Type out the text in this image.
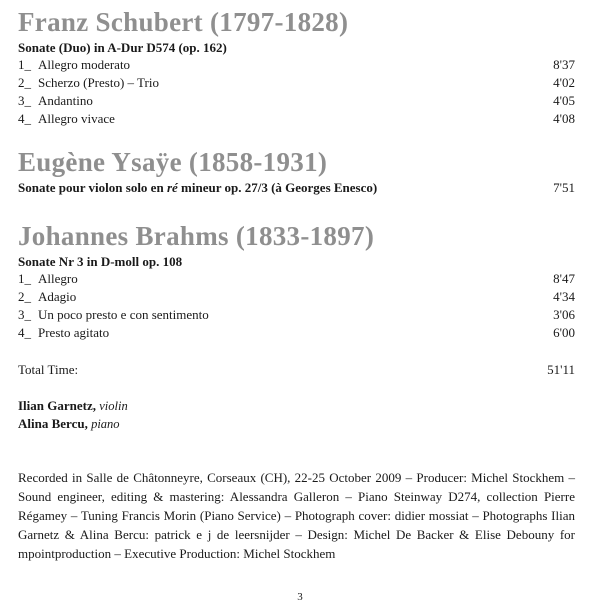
Franz Schubert (1797-1828)
Sonate (Duo) in A-Dur D574 (op. 162)
1_ Allegro moderato	8'37
2_ Scherzo (Presto) – Trio	4'02
3_ Andantino	4'05
4_ Allegro vivace	4'08
Eugène Ysaÿe (1858-1931)
Sonate pour violon solo en ré mineur op. 27/3 (à Georges Enesco)	7'51
Johannes Brahms (1833-1897)
Sonate Nr 3 in D-moll op. 108
1_ Allegro	8'47
2_ Adagio	4'34
3_ Un poco presto e con sentimento	3'06
4_ Presto agitato	6'00
Total Time:	51'11
Ilian Garnetz, violin
Alina Bercu, piano
Recorded in Salle de Châtonneyre, Corseaux (CH), 22-25 October 2009 – Producer: Michel Stockhem – Sound engineer, editing & mastering: Alessandra Galleron – Piano Steinway D274, collection Pierre Régamey – Tuning Francis Morin (Piano Service) – Photograph cover: didier mossiat – Photographs Ilian Garnetz & Alina Bercu: patrick e j de leersnijder – Design: Michel De Backer & Elise Debouny for mpointproduction – Executive Production: Michel Stockhem
3
